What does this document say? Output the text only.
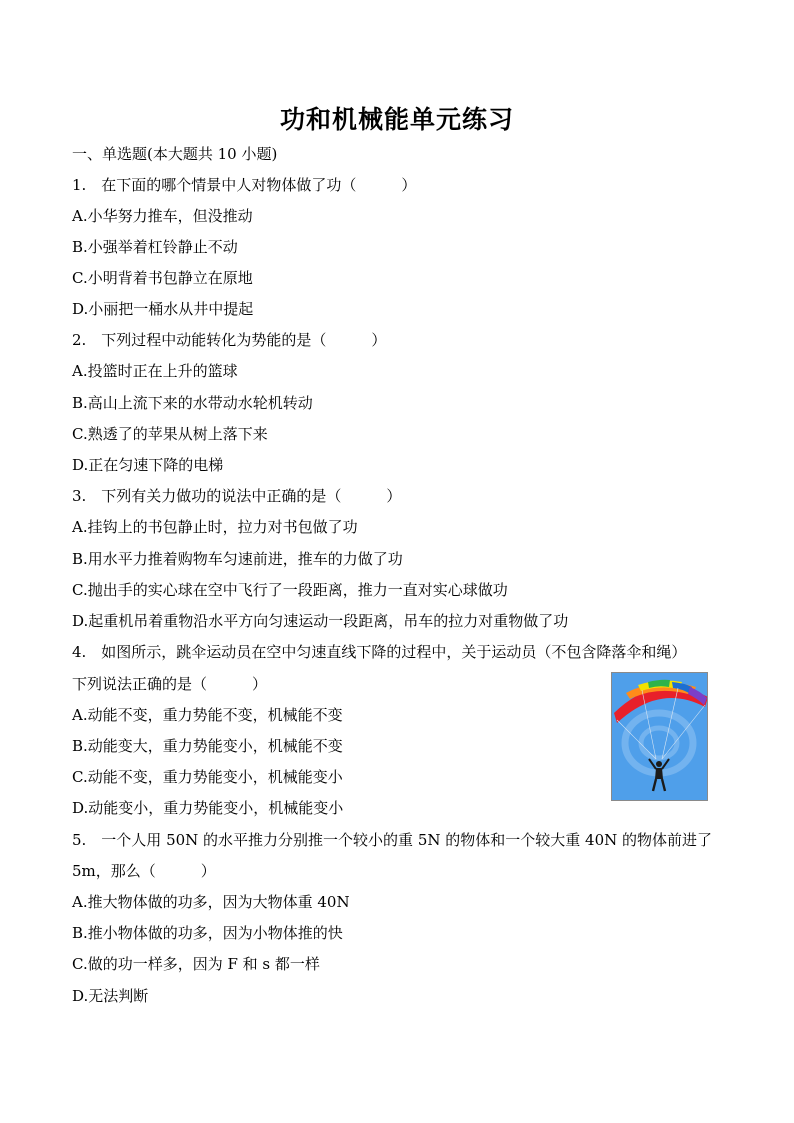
功和机械能单元练习
一、单选题(本大题共 10 小题)
1.　在下面的哪个情景中人对物体做了功（　　　）
A.小华努力推车，但没推动
B.小强举着杠铃静止不动
C.小明背着书包静立在原地
D.小丽把一桶水从井中提起
2.　下列过程中动能转化为势能的是（　　　）
A.投篮时正在上升的篮球
B.高山上流下来的水带动水轮机转动
C.熟透了的苹果从树上落下来
D.正在匀速下降的电梯
3.　下列有关力做功的说法中正确的是（　　　）
A.挂钩上的书包静止时，拉力对书包做了功
B.用水平力推着购物车匀速前进，推车的力做了功
C.抛出手的实心球在空中飞行了一段距离，推力一直对实心球做功
D.起重机吊着重物沿水平方向匀速运动一段距离，吊车的拉力对重物做了功
4.　如图所示，跳伞运动员在空中匀速直线下降的过程中，关于运动员（不包含降落伞和绳）
下列说法正确的是（　　　）
A.动能不变，重力势能不变，机械能不变
B.动能变大，重力势能变小，机械能不变
C.动能不变，重力势能变小，机械能变小
D.动能变小，重力势能变小，机械能变小
5.　一个人用 50N 的水平推力分别推一个较小的重 5N 的物体和一个较大重 40N 的物体前进了
5m，那么（　　　）
A.推大物体做的功多，因为大物体重 40N
B.推小物体做的功多，因为小物体推的快
C.做的功一样多，因为 F 和 s 都一样
D.无法判断
